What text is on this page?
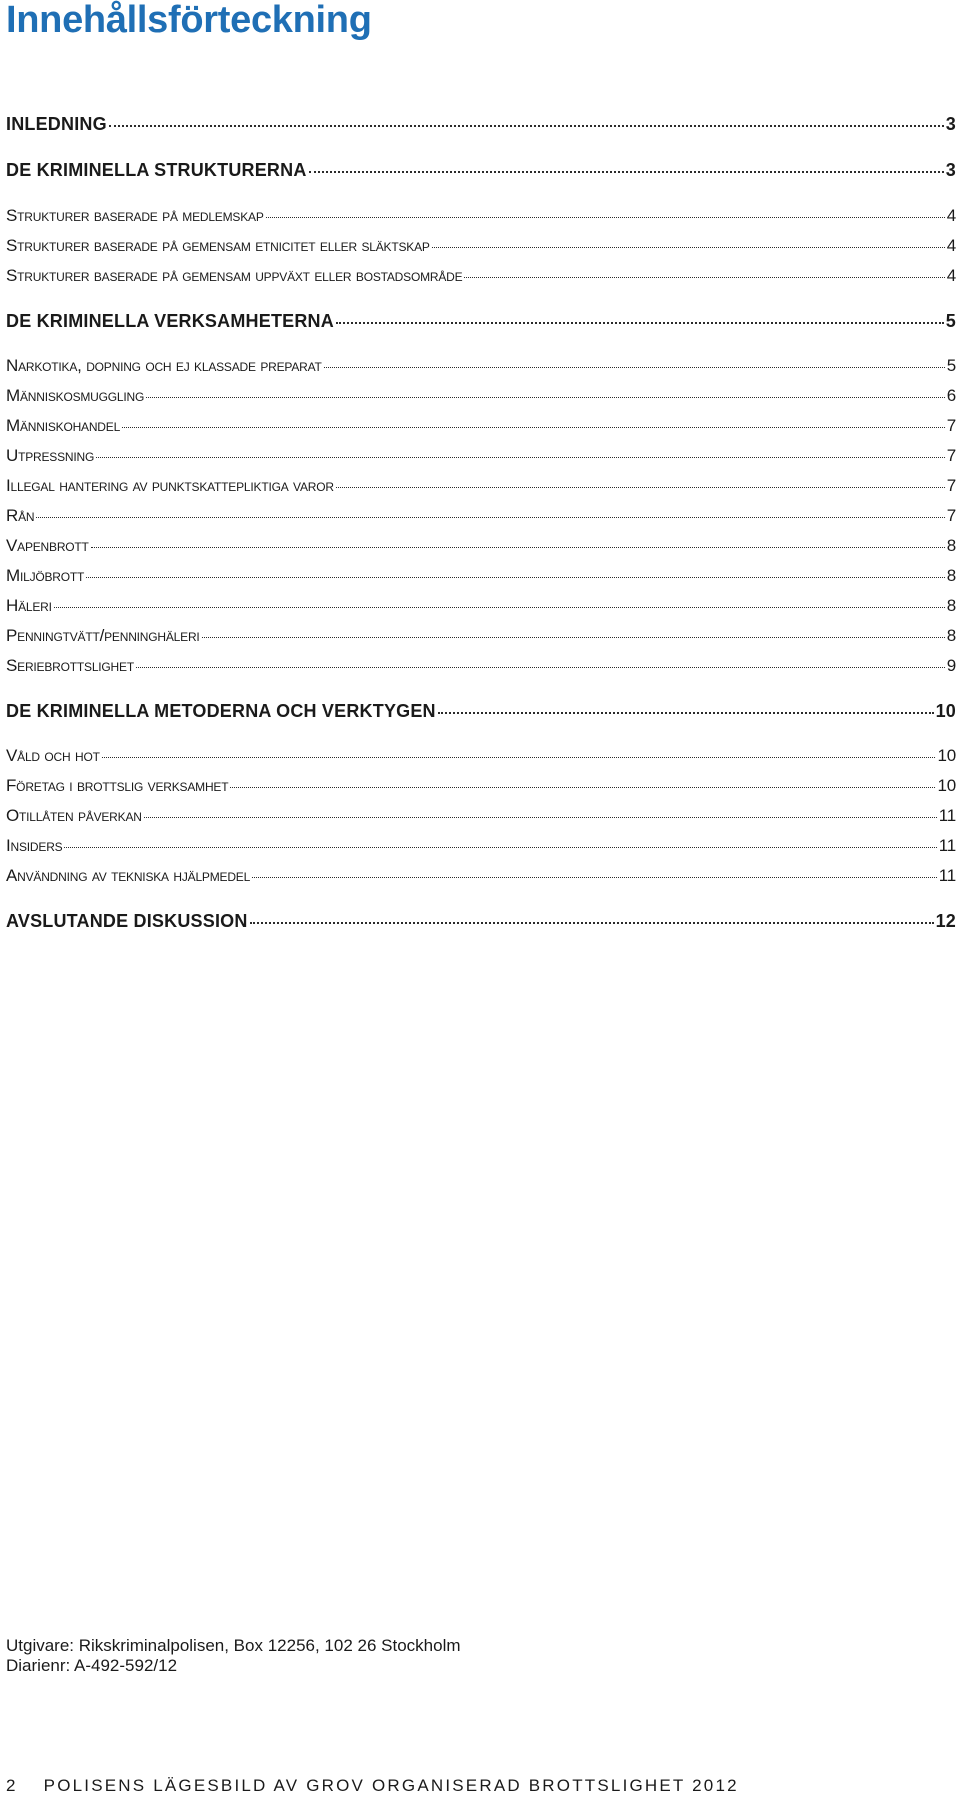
Innehållsförteckning
INLEDNING	3
DE KRIMINELLA STRUKTURERNA	3
Strukturer baserade på medlemskap	4
Strukturer baserade på gemensam etnicitet eller släktskap	4
Strukturer baserade på gemensam uppväxt eller bostadsområde	4
DE KRIMINELLA VERKSAMHETERNA	5
Narkotika, dopning och ej klassade preparat	5
Människosmuggling	6
Människohandel	7
Utpressning	7
Illegal hantering av punktskattepliktiga varor	7
Rån	7
Vapenbrott	8
Miljöbrott	8
Häleri	8
Penningtvätt/penninghäleri	8
Seriebrottslighet	9
DE KRIMINELLA METODERNA OCH VERKTYGEN	10
Våld och hot	10
Företag i brottslig verksamhet	10
Otillåten påverkan	11
Insiders	11
Användning av tekniska hjälpmedel	11
AVSLUTANDE DISKUSSION	12
Utgivare: Rikskriminalpolisen, Box 12256, 102 26 Stockholm
Diarienr: A-492-592/12
2 POLISENS LÄGESBILD AV GROV ORGANISERAD BROTTSLIGHET 2012
